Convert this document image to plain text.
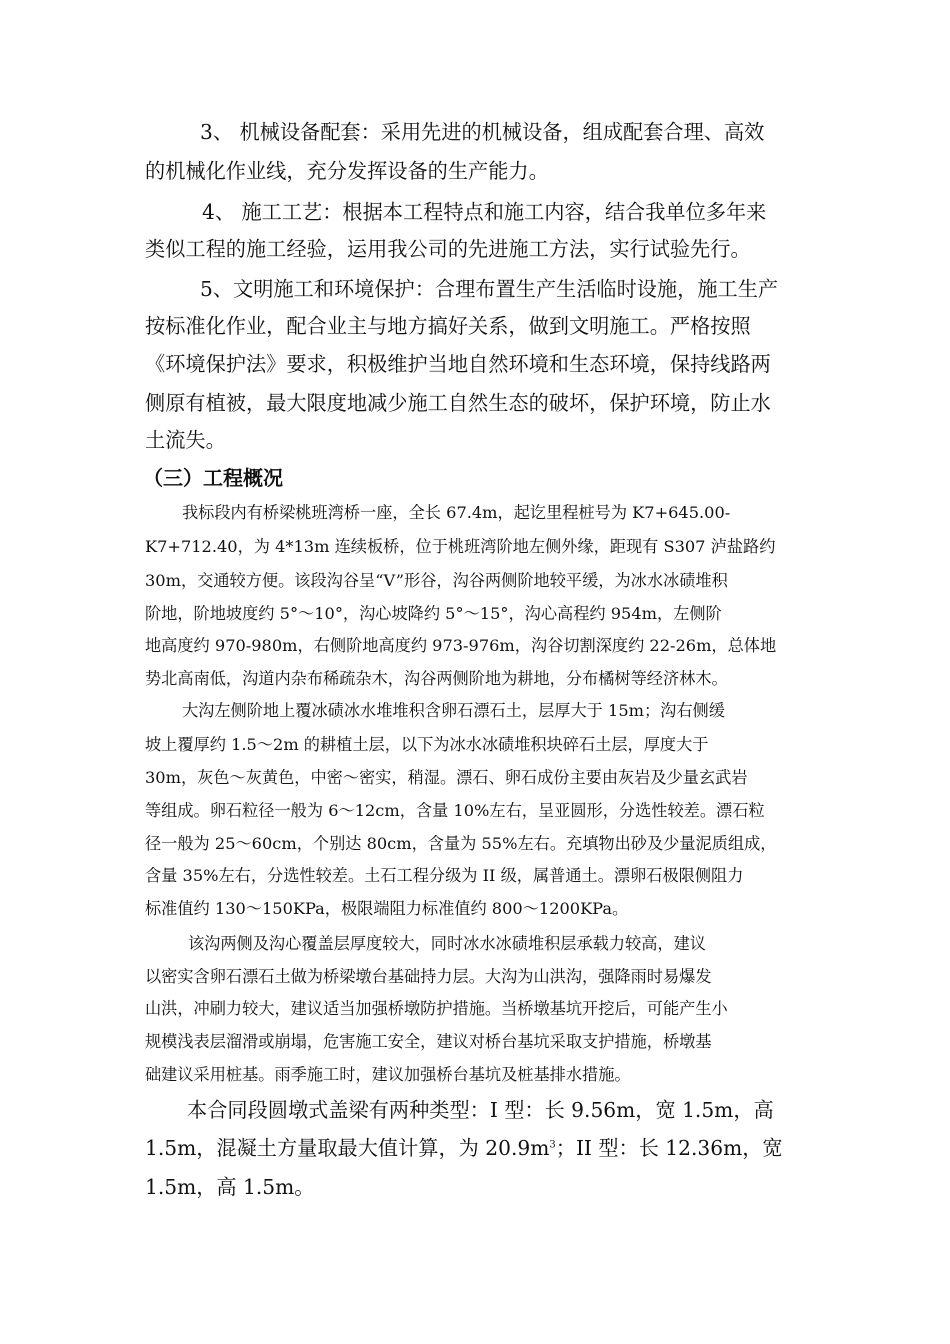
3、 机械设备配套：采用先进的机械设备，组成配套合理、高效
的机械化作业线，充分发挥设备的生产能力。
4、 施工工艺：根据本工程特点和施工内容，结合我单位多年来
类似工程的施工经验，运用我公司的先进施工方法，实行试验先行。
5、文明施工和环境保护：合理布置生产生活临时设施，施工生产
按标准化作业，配合业主与地方搞好关系，做到文明施工。严格按照
《环境保护法》要求，积极维护当地自然环境和生态环境，保持线路两
侧原有植被，最大限度地减少施工自然生态的破坏，保护环境，防止水
土流失。
（三）工程概况
我标段内有桥梁桃班湾桥一座，全长 67.4m，起讫里程桩号为 K7+645.00-
K7+712.40，为 4*13m 连续板桥，位于桃班湾阶地左侧外缘，距现有 S307 泸盐路约
30m，交通较方便。该段沟谷呈“V”形谷，沟谷两侧阶地较平缓，为冰水冰碛堆积
阶地，阶地坡度约 5°～10°，沟心坡降约 5°～15°，沟心高程约 954m，左侧阶
地高度约 970-980m，右侧阶地高度约 973-976m，沟谷切割深度约 22-26m，总体地
势北高南低，沟道内杂布稀疏杂木，沟谷两侧阶地为耕地，分布橘树等经济林木。
大沟左侧阶地上覆冰碛冰水堆堆积含卵石漂石土，层厚大于 15m；沟右侧缓
坡上覆厚约 1.5～2m 的耕植土层，以下为冰水冰碛堆积块碎石土层，厚度大于
30m，灰色～灰黄色，中密～密实，稍湿。漂石、卵石成份主要由灰岩及少量玄武岩
等组成。卵石粒径一般为 6～12cm，含量 10%左右，呈亚圆形，分选性较差。漂石粒
径一般为 25～60cm，个别达 80cm，含量为 55%左右。充填物出砂及少量泥质组成，
含量 35%左右，分选性较差。土石工程分级为 II 级，属普通土。漂卵石极限侧阻力
标准值约 130～150KPa，极限端阻力标准值约 800～1200KPa。
该沟两侧及沟心覆盖层厚度较大，同时冰水冰碛堆积层承载力较高，建议
以密实含卵石漂石土做为桥梁墩台基础持力层。大沟为山洪沟，强降雨时易爆发
山洪，冲刷力较大，建议适当加强桥墩防护措施。当桥墩基坑开挖后，可能产生小
规模浅表层溜滑或崩塌，危害施工安全，建议对桥台基坑采取支护措施，桥墩基
础建议采用桩基。雨季施工时，建议加强桥台基坑及桩基排水措施。
本合同段圆墩式盖梁有两种类型：I 型：长 9.56m，宽 1.5m，高
1.5m，混凝土方量取最大值计算，为 $20.9m^3$；II 型：长 12.36m，宽
1.5m，高 1.5m。
